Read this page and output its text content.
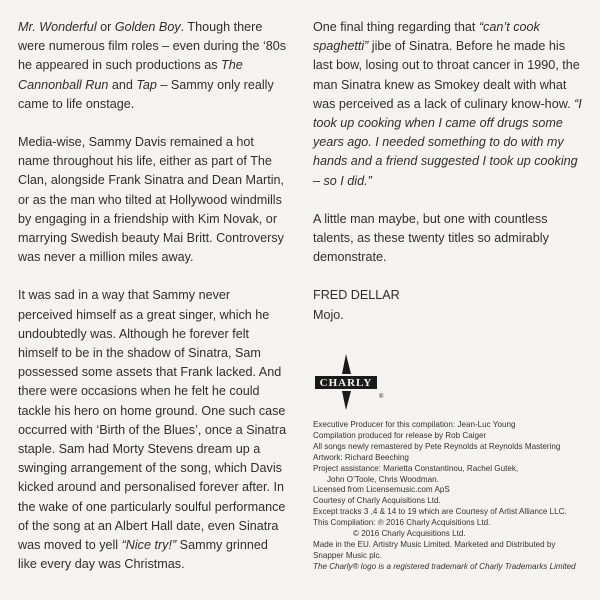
Mr. Wonderful or Golden Boy. Though there were numerous film roles – even during the ‘80s he appeared in such productions as The Cannonball Run and Tap – Sammy only really came to life onstage.

Media-wise, Sammy Davis remained a hot name throughout his life, either as part of The Clan, alongside Frank Sinatra and Dean Martin, or as the man who tilted at Hollywood windmills by engaging in a friendship with Kim Novak, or marrying Swedish beauty Mai Britt. Controversy was never a million miles away.

It was sad in a way that Sammy never perceived himself as a great singer, which he undoubtedly was. Although he forever felt himself to be in the shadow of Sinatra, Sam possessed some assets that Frank lacked. And there were occasions when he felt he could tackle his hero on home ground. One such case occurred with ‘Birth of the Blues’, once a Sinatra staple. Sam had Morty Stevens dream up a swinging arrangement of the song, which Davis kicked around and personalised forever after. In the wake of one particularly soulful performance of the song at an Albert Hall date, even Sinatra was moved to yell “Nice try!” Sammy grinned like every day was Christmas.

One final thing regarding that “can’t cook spaghetti” jibe of Sinatra. Before he made his last bow, losing out to throat cancer in 1990, the man Sinatra knew as Smokey dealt with what was perceived as a lack of culinary know-how. “I took up cooking when I came off drugs some years ago. I needed something to do with my hands and a friend suggested I took up cooking – so I did.”

A little man maybe, but one with countless talents, as these twenty titles so admirably demonstrate.

FRED DELLAR
Mojo.

CHARLY
®
Executive Producer for this compilation: Jean-Luc Young
Compilation produced for release by Rob Caiger
All songs newly remastered by Pete Reynolds at Reynolds Mastering
Artwork: Richard Beeching
Project assistance: Marietta Constantinou, Rachel Gutek,
John O’Toole, Chris Woodman.
Licensed from Licensemusic.com ApS
Courtesy of Charly Acquisitions Ltd.
Except tracks 3 ,4 & 14 to 19 which are Courtesy of Artist Alliance LLC.
This Compilation: ℗ 2016 Charly Acquisitions Ltd.
© 2016 Charly Acquisitions Ltd.
Made in the EU. Artistry Music Limited. Marketed and Distributed by
Snapper Music plc.
The Charly® logo is a registered trademark of Charly Trademarks Limited
